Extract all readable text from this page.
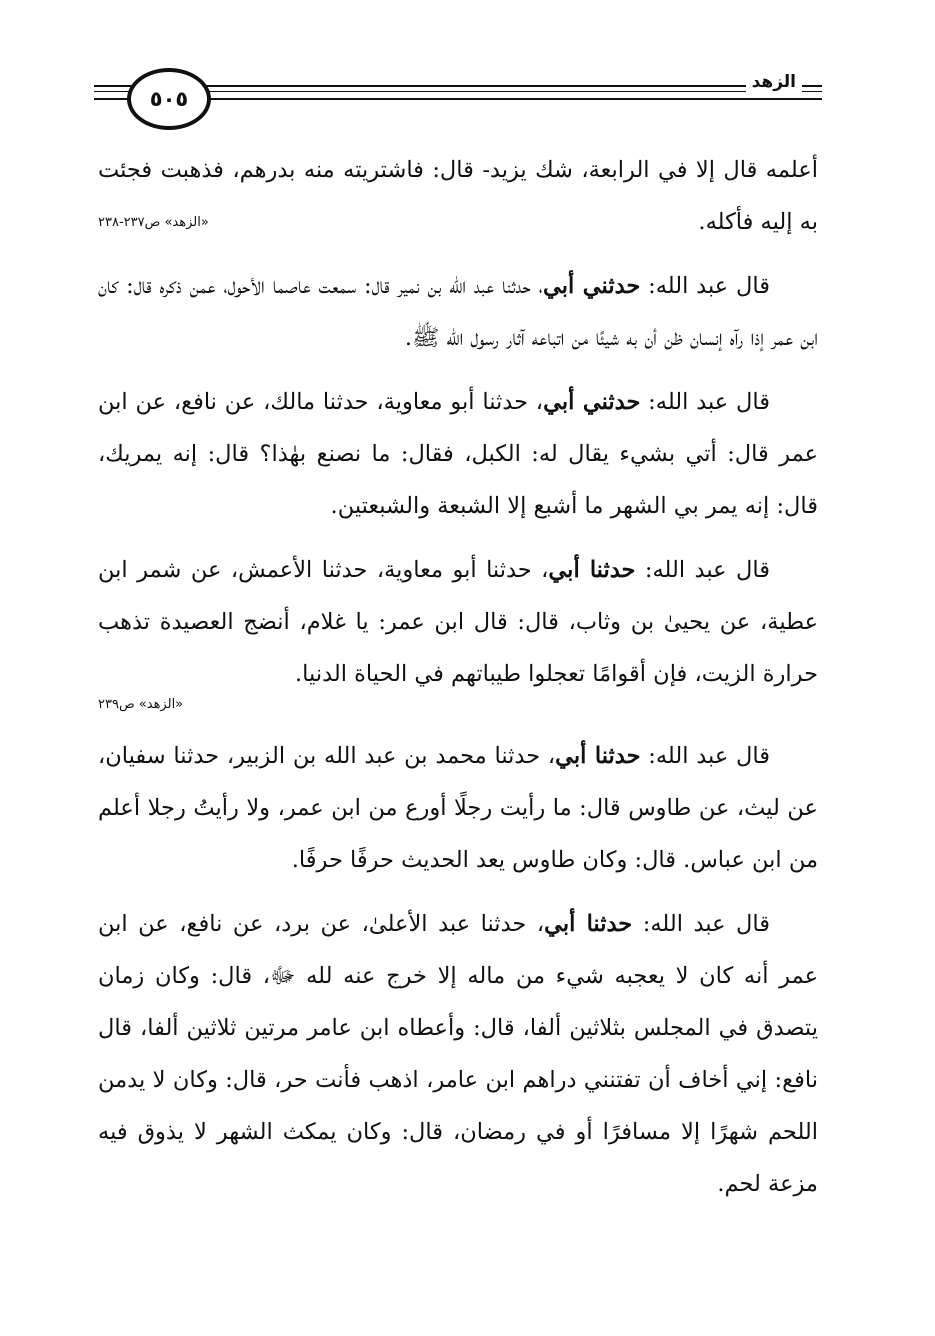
٥٠٥
الزهد

أعلمه قال إلا في الرابعة، شك يزيد- قال: فاشتريته منه بدرهم، فذهبت
«الزهد» ص٢٣٧-٢٣٨
فجئت به إليه فأكله.

قال عبد الله: حدثني أبي، حدثنا عبد الله بن نمير قال: سمعت عاصما الأحول، عمن ذكره قال: كان ابن عمر إذا رآه إنسان ظن أن به شيئًا من اتباعه آثار رسول الله ﷺ.

قال عبد الله: حدثني أبي، حدثنا أبو معاوية، حدثنا مالك، عن نافع، عن ابن عمر قال: أتي بشيء يقال له: الكبل، فقال: ما نصنع بهٰذا؟ قال: إنه يمريك، قال: إنه يمر بي الشهر ما أشبع إلا الشبعة والشبعتين.

قال عبد الله: حدثنا أبي، حدثنا أبو معاوية، حدثنا الأعمش، عن شمر ابن عطية، عن يحيىٰ بن وثاب، قال: قال ابن عمر: يا غلام، أنضج العصيدة تذهب حرارة الزيت، فإن أقوامًا تعجلوا طيباتهم في الحياة الدنيا.

«الزهد» ص٢٣٩

قال عبد الله: حدثنا أبي، حدثنا محمد بن عبد الله بن الزبير، حدثنا سفيان، عن ليث، عن طاوس قال: ما رأيت رجلًا أورع من ابن عمر، ولا رأيتُ رجلا أعلم من ابن عباس. قال: وكان طاوس يعد الحديث حرفًا حرفًا.

قال عبد الله: حدثنا أبي، حدثنا عبد الأعلىٰ، عن برد، عن نافع، عن ابن عمر أنه كان لا يعجبه شيء من ماله إلا خرج عنه لله ﷻ، قال: وكان زمان يتصدق في المجلس بثلاثين ألفا، قال: وأعطاه ابن عامر مرتين ثلاثين ألفا، قال نافع: إني أخاف أن تفتنني دراهم ابن عامر، اذهب فأنت حر، قال: وكان لا يدمن اللحم شهرًا إلا مسافرًا أو في رمضان، قال: وكان يمكث الشهر لا يذوق فيه مزعة لحم.
